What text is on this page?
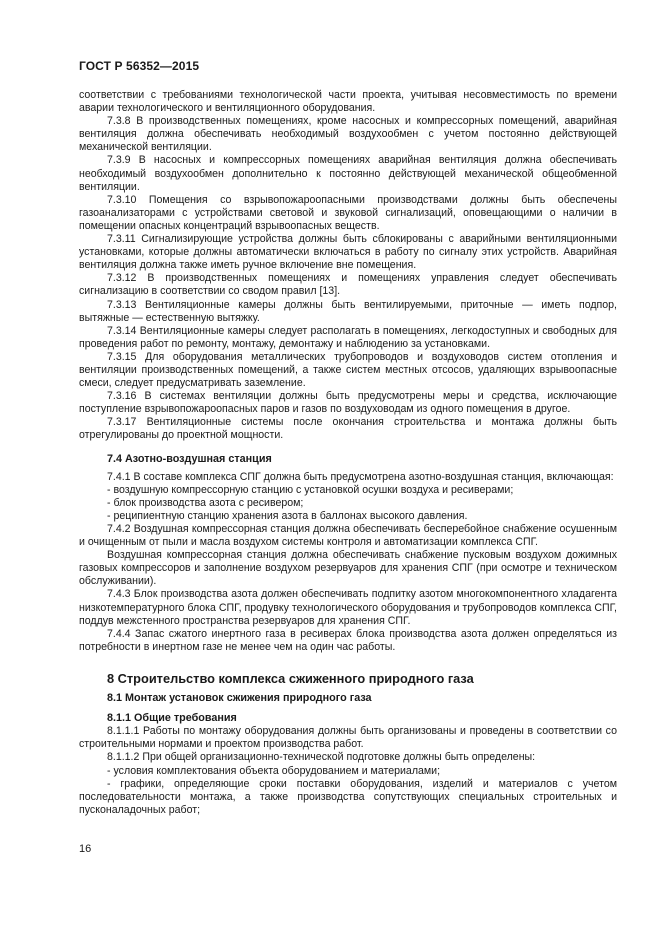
ГОСТ Р 56352—2015

соответствии с требованиями технологической части проекта, учитывая несовместимость по времени аварии технологического и вентиляционного оборудования.

7.3.8 В производственных помещениях, кроме насосных и компрессорных помещений, аварийная вентиляция должна обеспечивать необходимый воздухообмен с учетом постоянно действующей механической вентиляции.

7.3.9 В насосных и компрессорных помещениях аварийная вентиляция должна обеспечивать необходимый воздухообмен дополнительно к постоянно действующей механической общеобменной вентиляции.

7.3.10 Помещения со взрывопожароопасными производствами должны быть обеспечены газоанализаторами с устройствами световой и звуковой сигнализаций, оповещающими о наличии в помещении опасных концентраций взрывоопасных веществ.

7.3.11 Сигнализирующие устройства должны быть сблокированы с аварийными вентиляционными установками, которые должны автоматически включаться в работу по сигналу этих устройств. Аварийная вентиляция должна также иметь ручное включение вне помещения.

7.3.12 В производственных помещениях и помещениях управления следует обеспечивать сигнализацию в соответствии со сводом правил [13].

7.3.13 Вентиляционные камеры должны быть вентилируемыми, приточные — иметь подпор, вытяжные — естественную вытяжку.

7.3.14 Вентиляционные камеры следует располагать в помещениях, легкодоступных и свободных для проведения работ по ремонту, монтажу, демонтажу и наблюдению за установками.

7.3.15 Для оборудования металлических трубопроводов и воздуховодов систем отопления и вентиляции производственных помещений, а также систем местных отсосов, удаляющих взрывоопасные смеси, следует предусматривать заземление.

7.3.16 В системах вентиляции должны быть предусмотрены меры и средства, исключающие поступление взрывопожароопасных паров и газов по воздуховодам из одного помещения в другое.

7.3.17 Вентиляционные системы после окончания строительства и монтажа должны быть отрегулированы до проектной мощности.

7.4 Азотно-воздушная станция

7.4.1 В составе комплекса СПГ должна быть предусмотрена азотно-воздушная станция, включающая:

- воздушную компрессорную станцию с установкой осушки воздуха и ресиверами;

- блок производства азота с ресивером;

- реципиентную станцию хранения азота в баллонах высокого давления.

7.4.2 Воздушная компрессорная станция должна обеспечивать бесперебойное снабжение осушенным и очищенным от пыли и масла воздухом системы контроля и автоматизации комплекса СПГ.

Воздушная компрессорная станция должна обеспечивать снабжение пусковым воздухом дожимных газовых компрессоров и заполнение воздухом резервуаров для хранения СПГ (при осмотре и техническом обслуживании).

7.4.3 Блок производства азота должен обеспечивать подпитку азотом многокомпонентного хладагента низкотемпературного блока СПГ, продувку технологического оборудования и трубопроводов комплекса СПГ, поддув межстенного пространства резервуаров для хранения СПГ.

7.4.4 Запас сжатого инертного газа в ресиверах блока производства азота должен определяться из потребности в инертном газе не менее чем на один час работы.

8 Строительство комплекса сжиженного природного газа

8.1 Монтаж установок сжижения природного газа

8.1.1 Общие требования

8.1.1.1 Работы по монтажу оборудования должны быть организованы и проведены в соответствии со строительными нормами и проектом производства работ.

8.1.1.2 При общей организационно-технической подготовке должны быть определены:

- условия комплектования объекта оборудованием и материалами;

- графики, определяющие сроки поставки оборудования, изделий и материалов с учетом последовательности монтажа, а также производства сопутствующих специальных строительных и пусконаладочных работ;

16
